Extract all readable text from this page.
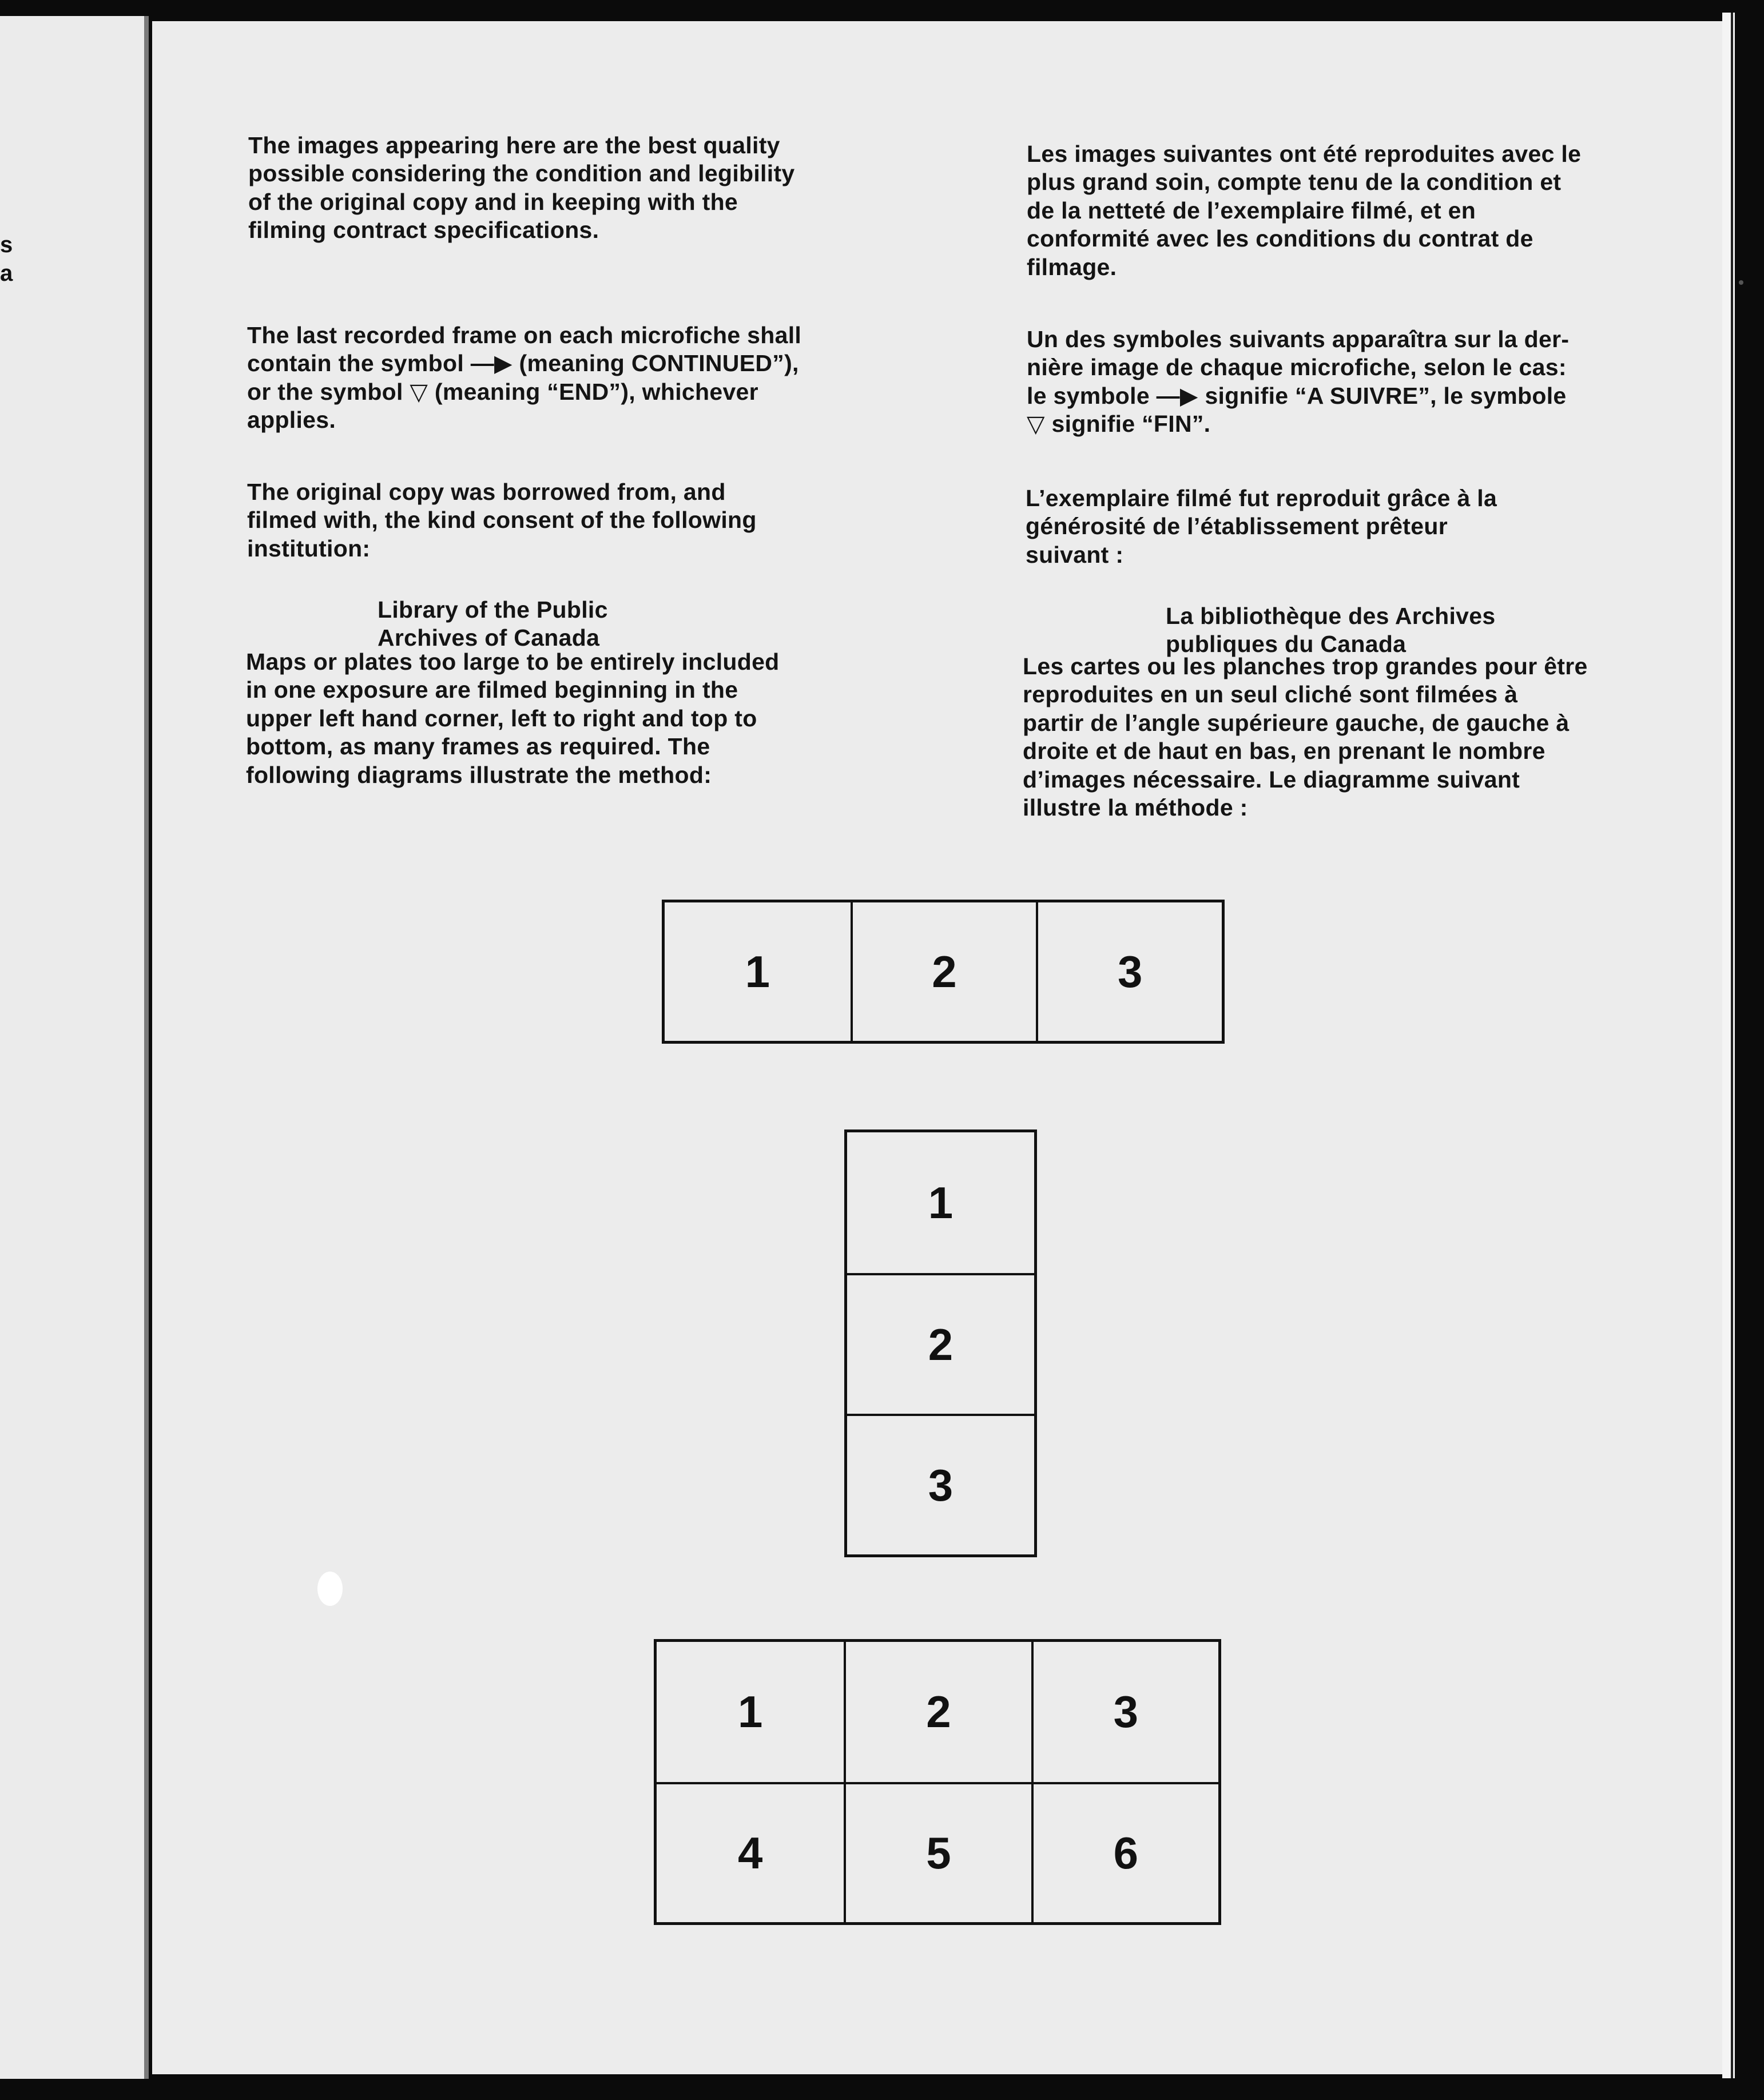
s
a

The images appearing here are the best quality
possible considering the condition and legibility
of the original copy and in keeping with the
filming contract specifications.

The last recorded frame on each microfiche shall
contain the symbol —▶ (meaning CONTINUED”),
or the symbol ▽ (meaning “END”), whichever
applies.

The original copy was borrowed from, and
filmed with, the kind consent of the following
institution:

Library of the Public
Archives of Canada

Maps or plates too large to be entirely included
in one exposure are filmed beginning in the
upper left hand corner, left to right and top to
bottom, as many frames as required. The
following diagrams illustrate the method:

Les images suivantes ont été reproduites avec le
plus grand soin, compte tenu de la condition et
de la netteté de l’exemplaire filmé, et en
conformité avec les conditions du contrat de
filmage.

Un des symboles suivants apparaîtra sur la der-
nière image de chaque microfiche, selon le cas:
le symbole —▶ signifie “A SUIVRE”, le symbole
▽ signifie “FIN”.

L’exemplaire filmé fut reproduit grâce à la
générosité de l’établissement prêteur
suivant :

La bibliothèque des Archives
publiques du Canada

Les cartes ou les planches trop grandes pour être
reproduites en un seul cliché sont filmées à
partir de l’angle supérieure gauche, de gauche à
droite et de haut en bas, en prenant le nombre
d’images nécessaire. Le diagramme suivant
illustre la méthode :

1	2	3
1
2
3
1	2	3
4	5	6
